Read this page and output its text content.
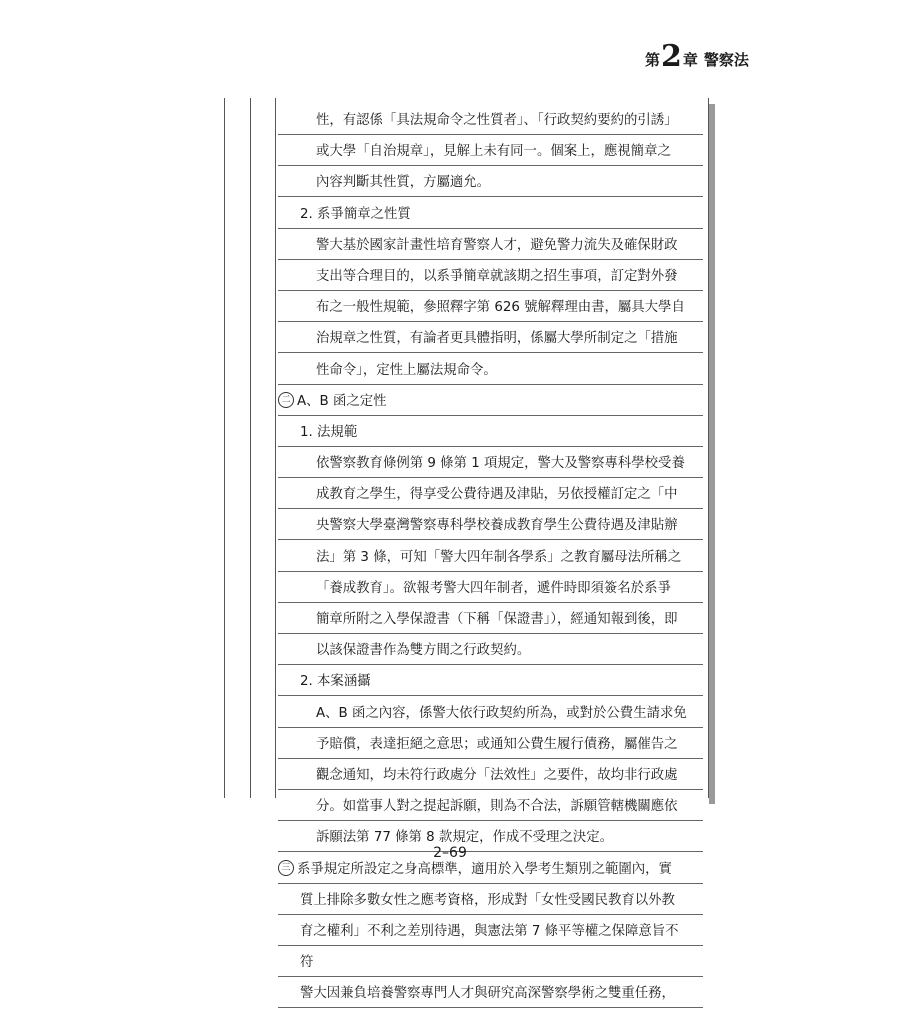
第 2 章 警察法
性，有認係「具法規命令之性質者」、「行政契約要約的引誘」
或大學「自治規章」，見解上未有同一。個案上，應視簡章之
內容判斷其性質，方屬適允。
2. 系爭簡章之性質
警大基於國家計畫性培育警察人才，避免警力流失及確保財政
支出等合理目的，以系爭簡章就該期之招生事項，訂定對外發
布之一般性規範，參照釋字第 626 號解釋理由書，屬具大學自
治規章之性質，有論者更具體指明，係屬大學所制定之「措施
性命令」，定性上屬法規命令。
二 A、B 函之定性
1. 法規範
依警察教育條例第 9 條第 1 項規定，警大及警察專科學校受養
成教育之學生，得享受公費待遇及津貼，另依授權訂定之「中
央警察大學臺灣警察專科學校養成教育學生公費待遇及津貼辦
法」第 3 條，可知「警大四年制各學系」之教育屬母法所稱之
「養成教育」。欲報考警大四年制者，遞件時即須簽名於系爭
簡章所附之入學保證書（下稱「保證書」），經通知報到後，即
以該保證書作為雙方間之行政契約。
2. 本案涵攝
A、B 函之內容，係警大依行政契約所為，或對於公費生請求免
予賠償，表達拒絕之意思；或通知公費生履行債務，屬催告之
觀念通知，均未符行政處分「法效性」之要件，故均非行政處
分。如當事人對之提起訴願，則為不合法，訴願管轄機關應依
訴願法第 77 條第 8 款規定，作成不受理之決定。
三 系爭規定所設定之身高標準，適用於入學考生類別之範圍內，實
質上排除多數女性之應考資格，形成對「女性受國民教育以外教
育之權利」不利之差別待遇，與憲法第 7 條平等權之保障意旨不
符
警大因兼負培養警察專門人才與研究高深警察學術之雙重任務，
2–69
